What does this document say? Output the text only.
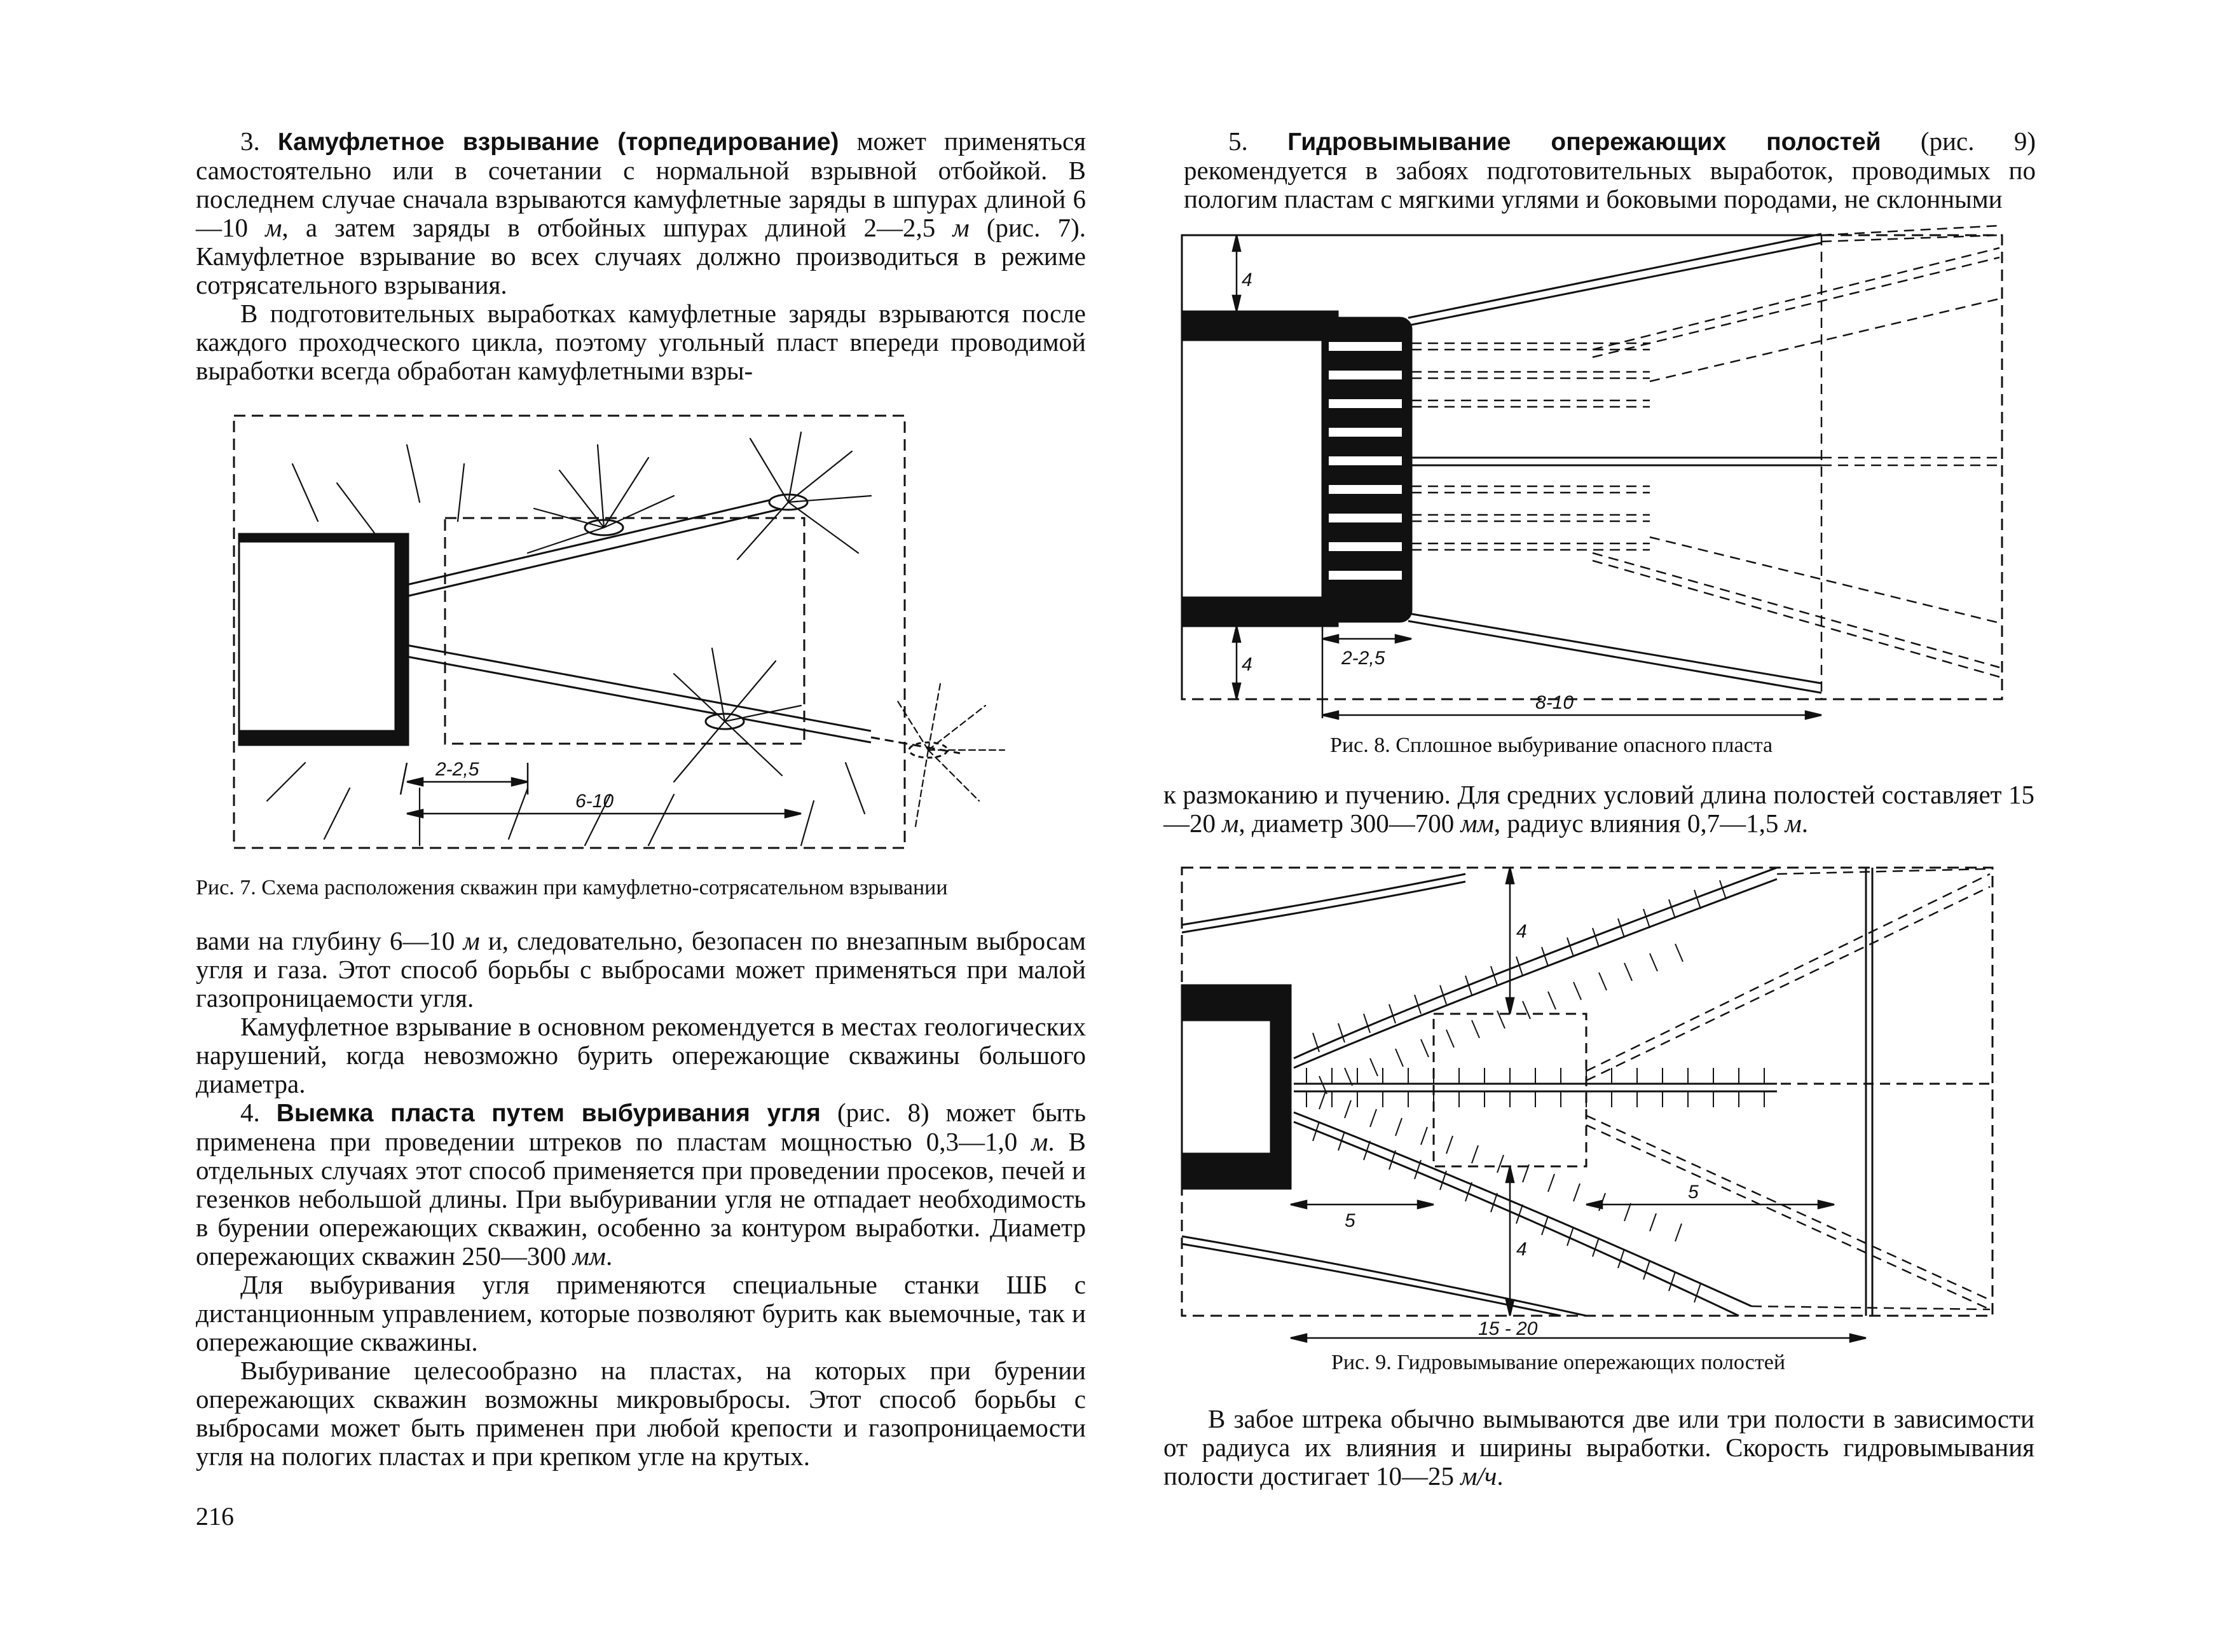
3. Камуфлетное взрывание (торпедирование) может применяться самостоятельно или в сочетании с нормальной взрывной отбойкой. В последнем случае сначала взрываются камуфлетные заряды в шпурах длиной 6—10 м, а затем заряды в отбойных шпурах длиной 2—2,5 м (рис. 7). Камуфлетное взрывание во всех случаях должно производиться в режиме сотрясательного взрывания.

В подготовительных выработках камуфлетные заряды взрываются после каждого проходческого цикла, поэтому угольный пласт впереди проводимой выработки всегда обработан камуфлетными взры-

2-2,5
6-10
Рис. 7. Схема расположения скважин при камуфлетно-сотрясательном взрывании

вами на глубину 6—10 м и, следовательно, безопасен по внезапным выбросам угля и газа. Этот способ борьбы с выбросами может применяться при малой газопроницаемости угля.

Камуфлетное взрывание в основном рекомендуется в местах геологических нарушений, когда невозможно бурить опережающие скважины большого диаметра.

4. Выемка пласта путем выбуривания угля (рис. 8) может быть применена при проведении штреков по пластам мощностью 0,3—1,0 м. В отдельных случаях этот способ применяется при проведении просеков, печей и гезенков небольшой длины. При выбуривании угля не отпадает необходимость в бурении опережающих скважин, особенно за контуром выработки. Диаметр опережающих скважин 250—300 мм.

Для выбуривания угля применяются специальные станки ШБ с дистанционным управлением, которые позволяют бурить как выемочные, так и опережающие скважины.

Выбуривание целесообразно на пластах, на которых при бурении опережающих скважин возможны микровыбросы. Этот способ борьбы с выбросами может быть применен при любой крепости и газопроницаемости угля на пологих пластах и при крепком угле на крутых.

216

5. Гидровымывание опережающих полостей (рис. 9) рекомендуется в забоях подготовительных выработок, проводимых по пологим пластам с мягкими углями и боковыми породами, не склонными

4
4	2-2,5
8-10
Рис. 8. Сплошное выбуривание опасного пласта

к размоканию и пучению. Для средних условий длина полостей составляет 15—20 м, диаметр 300—700 мм, радиус влияния 0,7—1,5 м.

4
4
5
5
15 - 20
Рис. 9. Гидровымывание опережающих полостей

В забое штрека обычно вымываются две или три полости в зависимости от радиуса их влияния и ширины выработки. Скорость гидровымывания полости достигает 10—25 м/ч.
